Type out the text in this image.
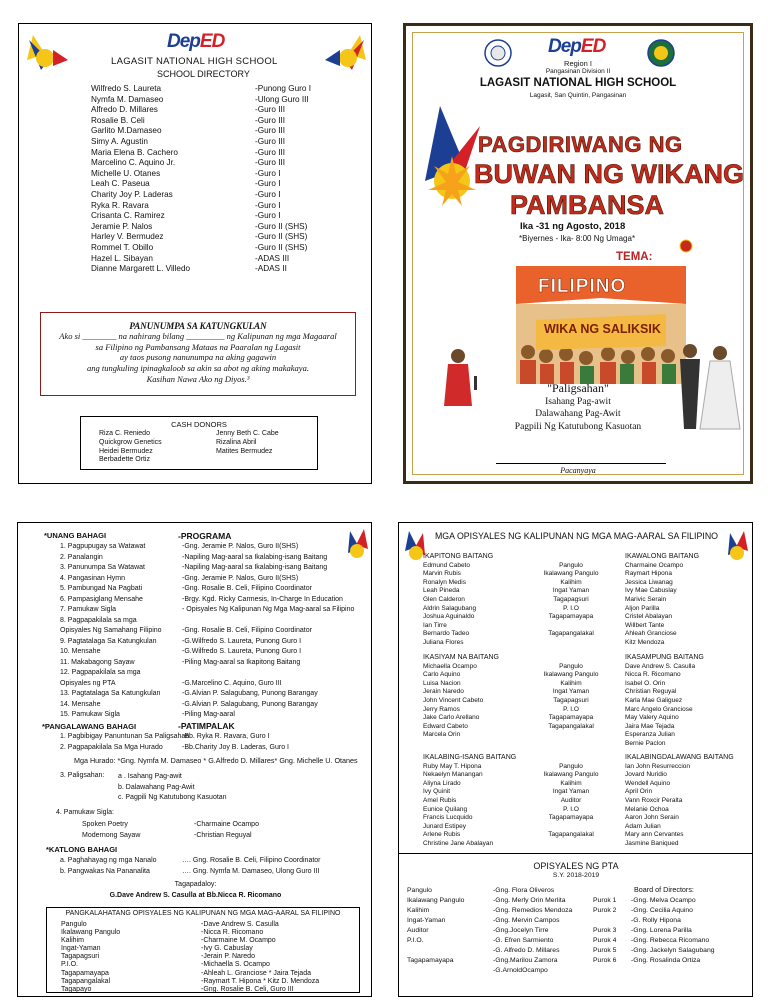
DepED
LAGASIT NATIONAL HIGH SCHOOL
SCHOOL DIRECTORY
Wilfredo S. Laureta	-Punong Guro I
Nymfa M. Damaseo	-Ulong Guro III
Alfredo D. Millares	-Guro III
Rosalie B. Celi	-Guro III
Garlito M.Damaseo	-Guro III
Simy A. Agustin	-Guro III
Maria Elena B. Cachero	-Guro III
Marcelino C. Aquino Jr.	-Guro III
Michelle U. Otanes	-Guro I
Leah C. Paseua	-Guro I
Charity Joy P. Laderas	-Guro I
Ryka R. Ravara	-Guro I
Crisanta C. Ramirez	-Guro I
Jeramie P. Nalos	-Guro II (SHS)
Harley V. Bermudez	-Guro II (SHS)
Rommel T. Obillo	-Guro II (SHS)
Hazel L. Sibayan	-ADAS III
Dianne Margarett L. Villedo	-ADAS II
PANUNUMPA SA KATUNGKULAN
Ako si ________ na nahirang bilang _________ ng Kalipunan ng mga Magaaral
sa Filipino ng Pambansang Mataas na Paaralan ng Lagasit
ay taos pusong nanunumpa na aking gagawin
ang tungkuling ipinagkaloob sa akin sa abot ng aking makakaya.
Kasihan Nawa Ako ng Diyos.³
CASH DONORS
Riza C. Reniedo
Quickgrow Genetics
Heidei Bermudez
Berbadette Ortiz
Jenny Beth C. Cabe
Rizalina Abril
Matites Bermudez
DepED
Region I
Pangasinan Division II
LAGASIT NATIONAL HIGH SCHOOL
Lagasit, San Quintin, Pangasinan
PAGDIRIWANG NG
BUWAN NG WIKANG
PAMBANSA
Ika -31 ng Agosto, 2018
*Biyernes - Ika- 8:00 Ng Umaga*
TEMA:
FILIPINO
WIKA NG SALIKSIK
"Paligsahan"
Isahang Pag-awit
Dalawahang Pag-Awit
Pagpili Ng Katutubong Kasuotan
Pacanyaya
*UNANG BAHAGI	-PROGRAMA
1. Pagpupugay sa Watawat	-Gng. Jeramie P. Nalos, Guro II(SHS)
2. Panalangin	-Napiling Mag-aaral sa Ikalabing-isang Baitang
3. Panunumpa Sa Watawat	-Napiling Mag-aaral sa Ikalabing-isang Baitang
4. Pangasinan Hymn	-Gng. Jeramie P. Nalos, Guro II(SHS)
5. Pambungad Na Pagbati	-Gng. Rosalie B. Celi, Filipino Coordinator
6. Pampasiglang Mensahe	-Brgy. Kgd. Ricky Carmesis, In-Charge In Education
7. Pamukaw Sigla	- Opisyales Ng Kalipunan Ng Mga Mag-aaral sa Filipino
8. Pagpapakilala sa mga
Opisyales Ng Samahang Filipino	-Gng. Rosalie B. Celi, Filipino Coordinator
9. Pagtatalaga Sa Katungkulan	-G.Wilfredo S. Laureta, Punong Guro I
10. Mensahe	-G.Wilfredo S. Laureta, Punong Guro I
11. Makabagong Sayaw	-Piling Mag-aaral sa Ikapitong Baitang
12. Pagpapakilala sa mga
Opisyales ng PTA	-G.Marcelino C. Aquino, Guro III
13. Pagtatalaga Sa Katungkulan	-G.Alvian P. Salagubang, Punong Barangay
14. Mensahe	-G.Alvian P. Salagubang, Punong Barangay
15. Pamukaw Sigla	-Piling Mag-aaral
*PANGALAWANG BAHAGI	-PATIMPALAK
1. Pagbibigay Panuntunan Sa Paligsahan
-Bb. Ryka R. Ravara, Guro I
2. Pagpapakilala Sa Mga Hurado	-Bb.Charity Joy B. Laderas, Guro I
Mga Hurado: *Gng. Nymfa M. Damaseo * G.Alfredo D. Millares* Gng. Michelle U. Otanes
3. Paligsahan: a . Isahang Pag-awit
b. Dalawahang Pag-Awit
c. Pagpili Ng Katutubong Kasuotan
4. Pamukaw Sigla:
Spoken Poetry	-Charmaine Ocampo
Modernong Sayaw	-Christian Reguyal
*KATLONG BAHAGI
a. Paghahayag ng mga Nanalo	…. Gng. Rosalie B. Celi, Filipino Coordinator
b. Pangwakas Na Pananalita	…. Gng. Nymfa M. Damaseo, Ulong Guro III
Tagapadaloy:
G.Dave Andrew S. Casulla at Bb.Nicca R. Ricomano
PANGKALAHATANG OPISYALES NG KALIPUNAN NG MGA MAG-AARAL SA FILIPINO
Pangulo	-Dave Andrew S. Casulla
Ikalawang Pangulo	-Nicca R. Ricomano
Kalihim	-Charmaine M. Ocampo
Ingat-Yaman	-Ivy G. Cabuslay
Tagapagsuri	-Jerain P. Naredo
P.I.O.	-Michaella S. Ocampo
Tagapamayapa	-Ahleah L. Granciose * Jaira Tejada
Tagapangalakal	-Raymart T. Hipona * Kitz D. Mendoza
Tagapayo	-Gng. Rosalie B. Celi, Guro III
MGA OPISYALES NG KALIPUNAN NG MGA MAG-AARAL SA FILIPINO
IKAPITONG BAITANG
Edmund Cabeto	Pangulo
Marvin Rubis	Ikalawang Pangulo
Ronalyn Medis	Kalihim
Leah Pineda	Ingat Yaman
Glen Calderon	Tagapagsuri
Aldrin Salagubang	P. I.O
Joshua Aguinaldo	Tagapamayapa
Ian Tirre
Bernardo Tadeo	Tagapangalakal
Juliana Flores
IKAWALONG BAITANG
Charmaine Ocampo
Raymart Hipona
Jessica Liwanag
Ivy Mae Cabuslay
Marivic Serain
Aljon Parilla
Cristel Abalayan
Willbert Tante
Ahleah Granciose
Kitz Mendoza
IKASIYAM NA BAITANG
Michaella Ocampo	Pangulo
Carlo Aquino	Ikalawang Pangulo
Luisa Nacion	Kalihim
Jerain Naredo	Ingat Yaman
John Vincent Cabeto	Tagapagsuri
Jerry Ramos	P. I.O
Jake Carlo Arellano	Tagapamayapa
Edward Cabeto	Tagapangalakal
Marcela Orin
IKASAMPUNG BAITANG
Dave Andrew S. Casulla
Nicca R. Ricomano
Isabel O. Orin
Christian Reguyal
Karla Mae Galiguez
Marc Angelo Granciose
May Valery Aquino
Jaira Mae Tejada
Esperanza Julian
Bernie Paclon
IKALABING-ISANG BAITANG
Ruby May T. Hipona	Pangulo
Nekaelyn Manangan	Ikalawang Pangulo
Aliyna Lirado	Kalihim
Ivy Quinit	Ingat Yaman
Amel Rubis	Auditor
Eunice Quilang	P. I.O
Francis Lucquido	Tagapamayapa
Junard Estipey
Arlene Rubis	Tagapangalakal
Christine Jane Abalayan
IKALABINGDALAWANG BAITANG
Ian John Resurreccion
Jovard Nuridio
Wendell Aquino
April Orin
Vann Roxcir Peralta
Melanie Ochoa
Aaron John Serain
Adam Julian
Mary ann Cervantes
Jasmine Baniqued
OPISYALES NG PTA
S.Y. 2018-2019
Pangulo	-Gng. Flora Oliveros
Ikalawang Pangulo	-Gng. Merly Orin Merlita
Kalihim	-Gng. Remedios Mendoza
Ingat-Yaman	-Gng. Mervin Campos
Auditor	-Gng.Jocelyn Tirre
P.I.O.	-G. Efren Sarmiento
-G. Alfredo D. Millares
Tagapamayapa	-Gng.Marilou Zamora
-G.ArnoldOcampo
Board of Directors:
Purok 1	-Gng. Melva Ocampo
Purok 2	-Gng. Cecilia Aquino
-G. Rolly Hipona
Purok 3	-Gng. Lorena Parilla
Purok 4	-Gng. Rebecca Ricomano
Purok 5	-Gng. Jackelyn Salagubang
Purok 6	-Gng. Rosalinda Ortiza
